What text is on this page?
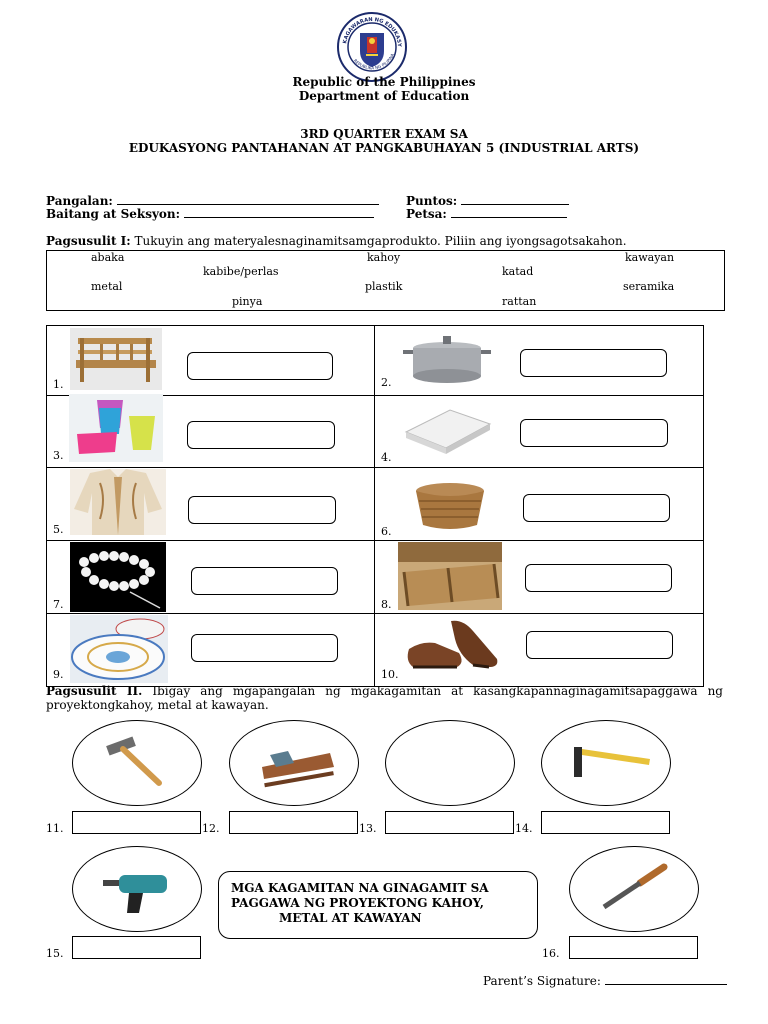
KAGAWARAN NG EDUKASY
REPUBLIKA NG PILIPINA
Republic of the Philippines
Department of Education
3RD QUARTER EXAM SA
EDUKASYONG PANTAHANAN AT PANGKABUHAYAN 5 (INDUSTRIAL ARTS)
Pangalan:	Puntos:
Baitang at Seksyon:	Petsa:
Pagsusulit I: Tukuyin ang materyalesnaginamitsamgaprodukto. Piliin ang iyongsagotsakahon.
abaka	kahoy	kawayan
kabibe/perlas	katad
metal	plastik	seramika
pinya	rattan
1.	2.
3.	4.
5.	6.
7.	8.
9.	10.
Pagsusulit II. Ibigay ang mgapangalan ng mgakagamitan at kasangkapannaginagamitsapaggawa ng proyektongkahoy, metal at kawayan.
11.	12.	13.	14.
MGA KAGAMITAN NA GINAGAMIT SA
PAGGAWA NG PROYEKTONG KAHOY,
METAL AT KAWAYAN
15.	16.
Parent’s Signature:
